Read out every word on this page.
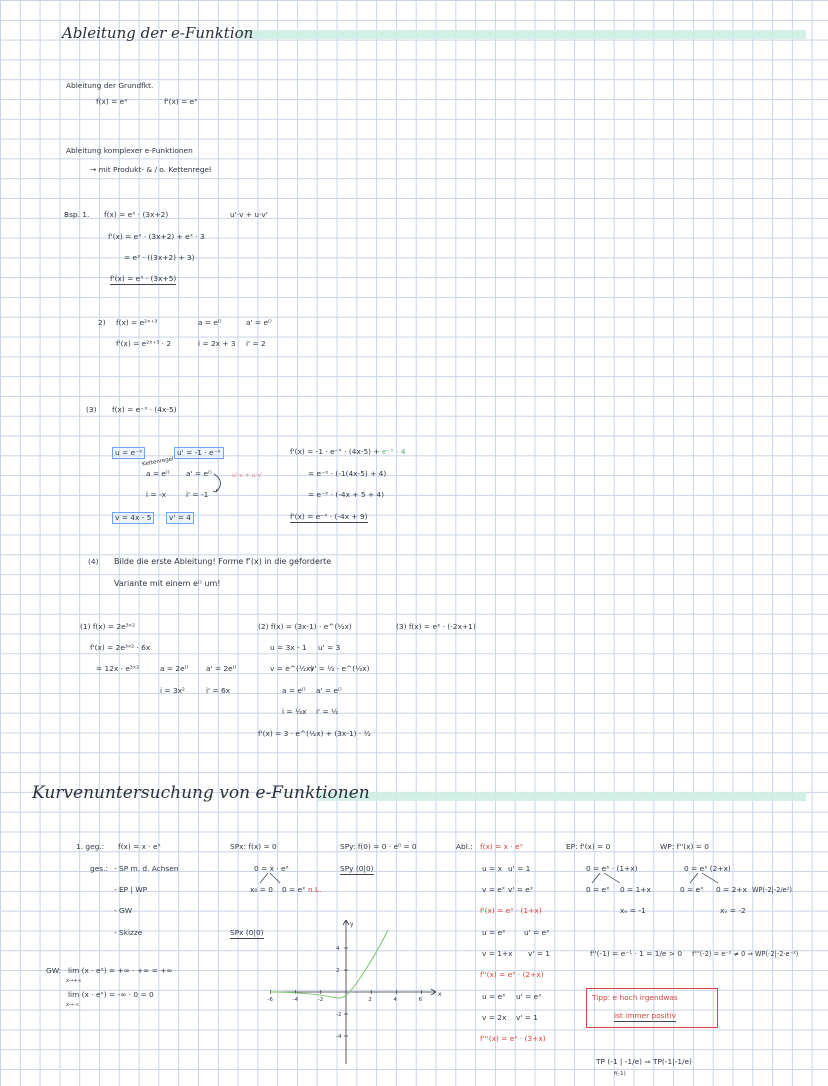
Ableitung der e-Funktion
Ableitung der Grundfkt.
f(x) = eˣ	f'(x) = eˣ
Ableitung komplexer e-Funktionen
→ mit Produkt- & / o. Kettenregel
Bsp. 1. f(x) = eˣ · (3x+2)	u'·v + u·v'
f'(x) = eˣ · (3x+2) + eˣ · 3
= eˣ · ((3x+2) + 3)
f'(x) = eˣ · (3x+5)
2) f(x) = e²ˣ⁺³
f'(x) = e²ˣ⁺³ · 2
a = e⁽⁾
i = 2x + 3
a' = e⁽⁾
i' = 2
(3) f(x) = e⁻ˣ · (4x-5)
u = e⁻ˣ	u' = -1 · e⁻ˣ
Kettenregel
a = e⁽⁾ a' = e⁽⁾	u'·v + u·v'
i = -x	i' = -1
v = 4x - 5	v' = 4
f'(x) = -1 · e⁻ˣ · (4x-5) + e⁻ˣ · 4
= e⁻ˣ · (-1(4x-5) + 4)
= e⁻ˣ · (-4x + 5 + 4)
f'(x) = e⁻ˣ · (-4x + 9)
(4) Bilde die erste Ableitung! Forme f'(x) in die geforderte
Variante mit einem e⁽⁾ um!
(1) f(x) = 2e³ˣ²
f'(x) = 2e³ˣ² · 6x
= 12x · e³ˣ²	a = 2e⁽⁾ a' = 2e⁽⁾
i = 3x²	i' = 6x
(2) f(x) = (3x-1) · e^(½x)
u = 3x - 1 u' = 3
v = e^(½x)
v' = ½ · e^(½x)
a = e⁽⁾ a' = e⁽⁾
i = ½x i' = ½
f'(x) = 3 · e^(½x) + (3x-1) · ½
(3) f(x) = eˣ · (-2x+1)
Kurvenuntersuchung von e-Funktionen
1. geg.: f(x) = x · eˣ
ges.: - SP m. d. Achsen
- EP | WP
- GW
- Skizze
SPx: f(x) = 0
0 = x · eˣ
x₀ = 0 0 = eˣ n.L.
SPx (0|0)
SPy: f(0) = 0 · e⁰ = 0
SPy (0|0)
Abl.: f(x) = x · eˣ
u = x u' = 1
v = eˣ v' = eˣ
f'(x) = eˣ · (1+x)
u = eˣ	u' = eˣ
v = 1+x v' = 1
f''(x) = eˣ · (2+x)
u = eˣ u' = eˣ
v = 2x v' = 1
f'''(x) = eˣ · (3+x)
EP: f'(x) = 0
0 = eˣ · (1+x)
0 = eˣ 0 = 1+x
xₑ = -1
f''(-1) = e⁻¹ · 1 = 1/e > 0
WP: f''(x) = 0
0 = eˣ (2+x)
0 = eˣ 0 = 2+x WP(-2|-2/e²)
xᵥ = -2
f'''(-2) = e⁻² ≠ 0 ⇒ WP(-2|-2·e⁻²)
Tipp: e hoch irgendwas
ist immer positiv
TP (-1 | -1/e) ⇒ TP(-1|-1/e)
f(-1)
GW: lim (x · eˣ) = +∞ · +∞ = +∞
x→+∞
lim (x · eˣ) = -∞ · 0 = 0
x→-∞
x
y
-6	-4	-2	2	4	6
4
2
-2
-4
